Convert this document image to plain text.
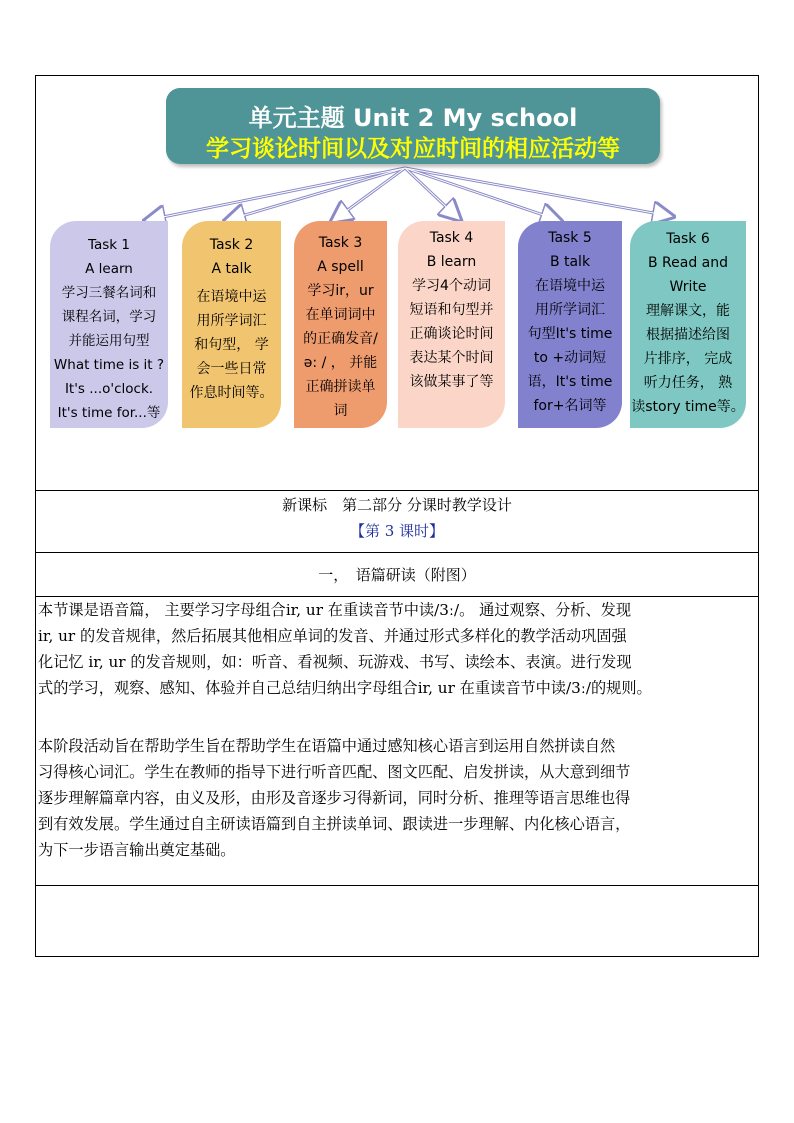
单元主题 Unit 2 My school
学习谈论时间以及对应时间的相应活动等
Task 1
A learn
学习三餐名词和
课程名词，学习
并能运用句型
What time is it ?
It's ...o'clock.
It's time for...等
Task 2
A talk
在语境中运
用所学词汇
和句型， 学
会一些日常
作息时间等。
Task 3
A spell
学习ir，ur
在单词词中
的正确发音/
ə: / ， 并能
正确拼读单
词
Task 4
B learn
学习4个动词
短语和句型并
正确谈论时间
表达某个时间
该做某事了等
Task 5
B talk
在语境中运
用所学词汇
句型It's time
to +动词短
语，It's time
for+名词等
Task 6
B Read and
Write
理解课文，能
根据描述给图
片排序， 完成
听力任务， 熟
读story time等。
新课标　第二部分 分课时教学设计
【第 3 课时】
一，　语篇研读（附图）
本节课是语音篇， 主要学习字母组合ir, ur 在重读音节中读/3ː/。 通过观察、分析、发现
ir, ur 的发音规律，然后拓展其他相应单词的发音、并通过形式多样化的教学活动巩固强
化记忆 ir, ur 的发音规则，如：听音、看视频、玩游戏、书写、读绘本、表演。进行发现
式的学习，观察、感知、体验并自己总结归纳出字母组合ir, ur 在重读音节中读/3ː/的规则。
本阶段活动旨在帮助学生旨在帮助学生在语篇中通过感知核心语言到运用自然拼读自然
习得核心词汇。学生在教师的指导下进行听音匹配、图文匹配、启发拼读，从大意到细节
逐步理解篇章内容，由义及形，由形及音逐步习得新词，同时分析、推理等语言思维也得
到有效发展。学生通过自主研读语篇到自主拼读单词、跟读进一步理解、内化核心语言，
为下一步语言输出奠定基础。
